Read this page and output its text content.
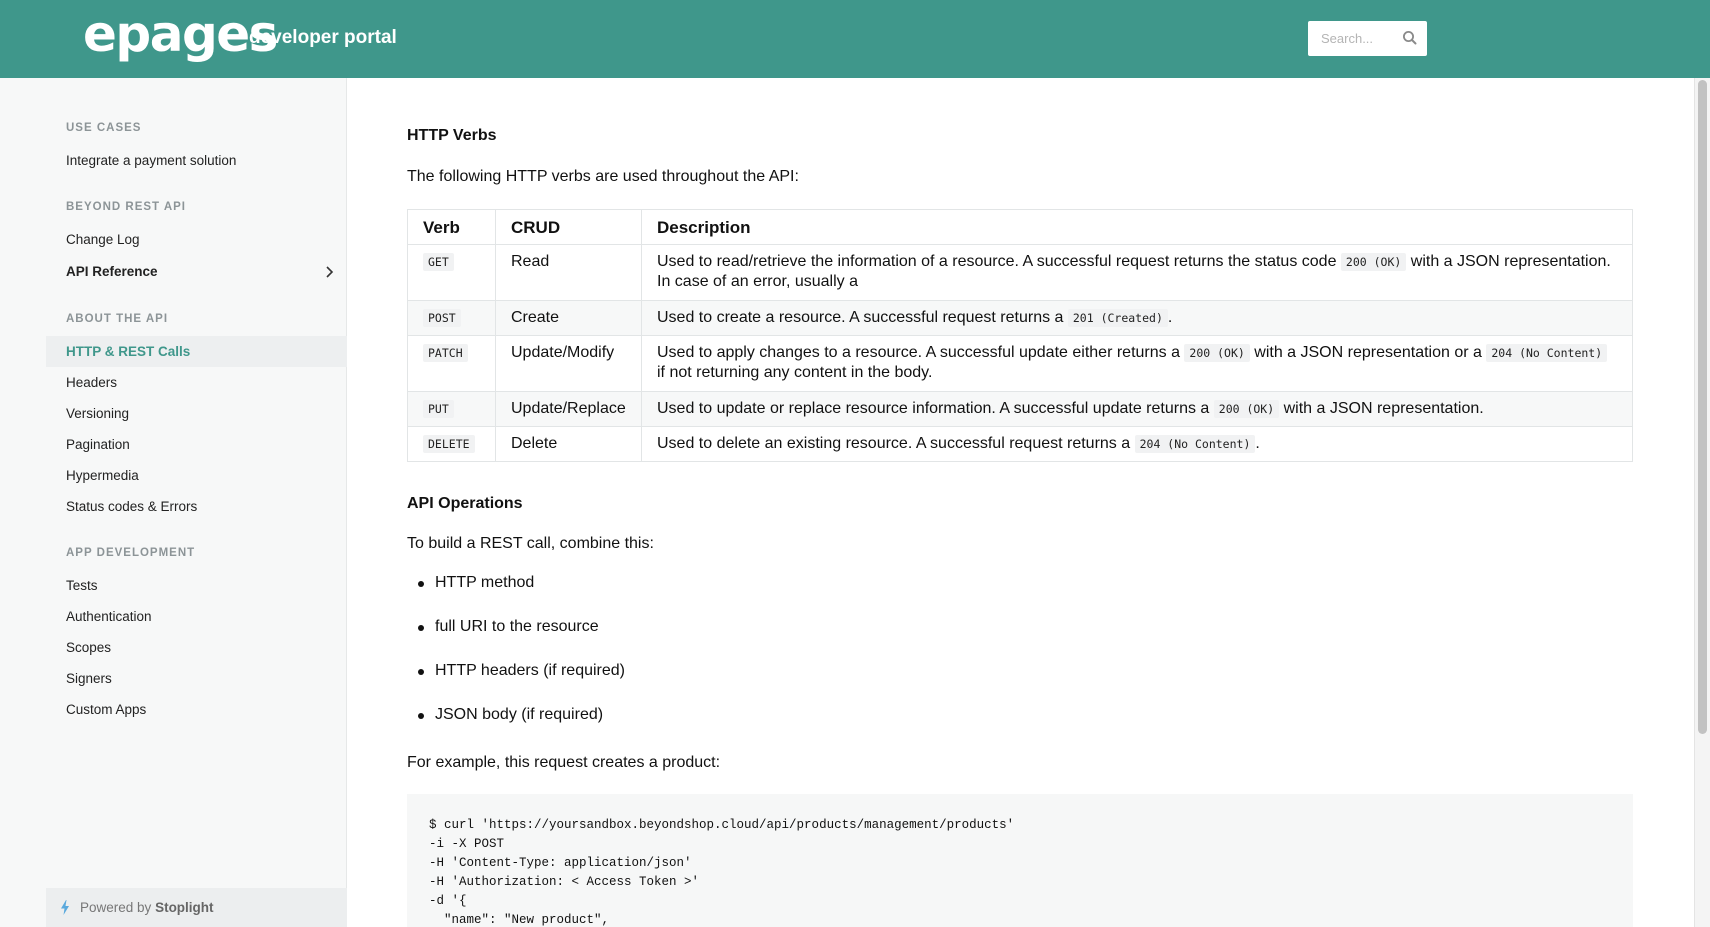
epages
developer portal
Search...
USE CASES
Integrate a payment solution
BEYOND REST API
Change Log
API Reference
ABOUT THE API
HTTP & REST Calls
Headers
Versioning
Pagination
Hypermedia
Status codes & Errors
APP DEVELOPMENT
Tests
Authentication
Scopes
Signers
Custom Apps
Powered by Stoplight
HTTP Verbs
The following HTTP verbs are used throughout the API:
Verb	CRUD	Description
GET	Read	Used to read/retrieve the information of a resource. A successful request returns the status code 200 (OK) with a JSON representation. In case of an error, usually a
POST	Create	Used to create a resource. A successful request returns a 201 (Created) .
PATCH	Update/Modify	Used to apply changes to a resource. A successful update either returns a 200 (OK) with a JSON representation or a 204 (No Content) if not returning any content in the body.
PUT	Update/Replace	Used to update or replace resource information. A successful update returns a 200 (OK) with a JSON representation.
DELETE	Delete	Used to delete an existing resource. A successful request returns a 204 (No Content) .
API Operations
To build a REST call, combine this:
HTTP method
full URI to the resource
HTTP headers (if required)
JSON body (if required)
For example, this request creates a product:
$ curl 'https://yoursandbox.beyondshop.cloud/api/products/management/products'
-i -X POST
-H 'Content-Type: application/json'
-H 'Authorization: < Access Token >'
-d '{
"name": "New product",
